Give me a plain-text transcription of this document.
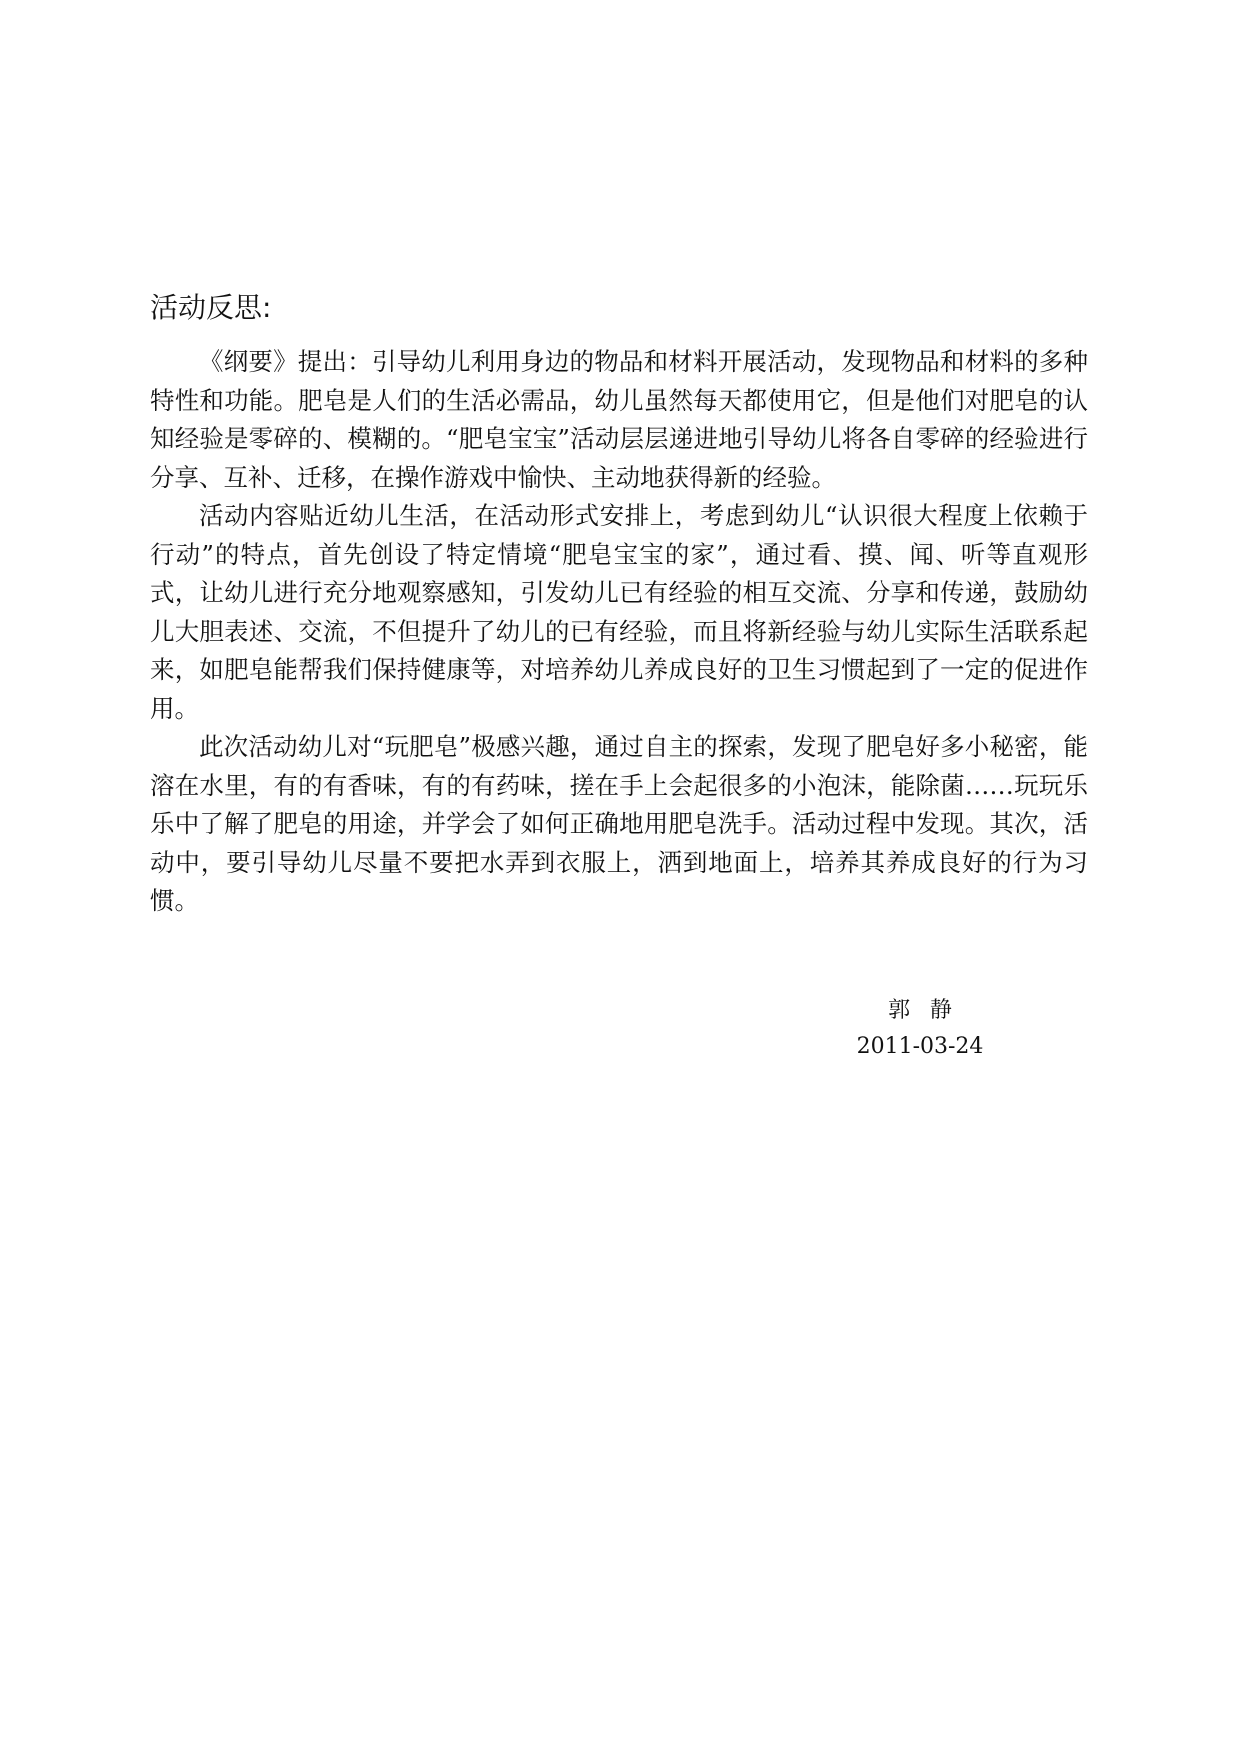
活动反思:

《纲要》提出：引导幼儿利用身边的物品和材料开展活动，发现物品和材料的多种特性和功能。肥皂是人们的生活必需品，幼儿虽然每天都使用它，但是他们对肥皂的认知经验是零碎的、模糊的。“肥皂宝宝”活动层层递进地引导幼儿将各自零碎的经验进行分享、互补、迁移，在操作游戏中愉快、主动地获得新的经验。

活动内容贴近幼儿生活，在活动形式安排上，考虑到幼儿“认识很大程度上依赖于行动”的特点，首先创设了特定情境“肥皂宝宝的家”，通过看、摸、闻、听等直观形式，让幼儿进行充分地观察感知，引发幼儿已有经验的相互交流、分享和传递，鼓励幼儿大胆表述、交流，不但提升了幼儿的已有经验，而且将新经验与幼儿实际生活联系起来，如肥皂能帮我们保持健康等，对培养幼儿养成良好的卫生习惯起到了一定的促进作用。

此次活动幼儿对“玩肥皂”极感兴趣，通过自主的探索，发现了肥皂好多小秘密，能溶在水里，有的有香味，有的有药味，搓在手上会起很多的小泡沫，能除菌……玩玩乐乐中了解了肥皂的用途，并学会了如何正确地用肥皂洗手。活动过程中发现。其次，活动中，要引导幼儿尽量不要把水弄到衣服上，洒到地面上，培养其养成良好的行为习惯。

郭静
2011-03-24
